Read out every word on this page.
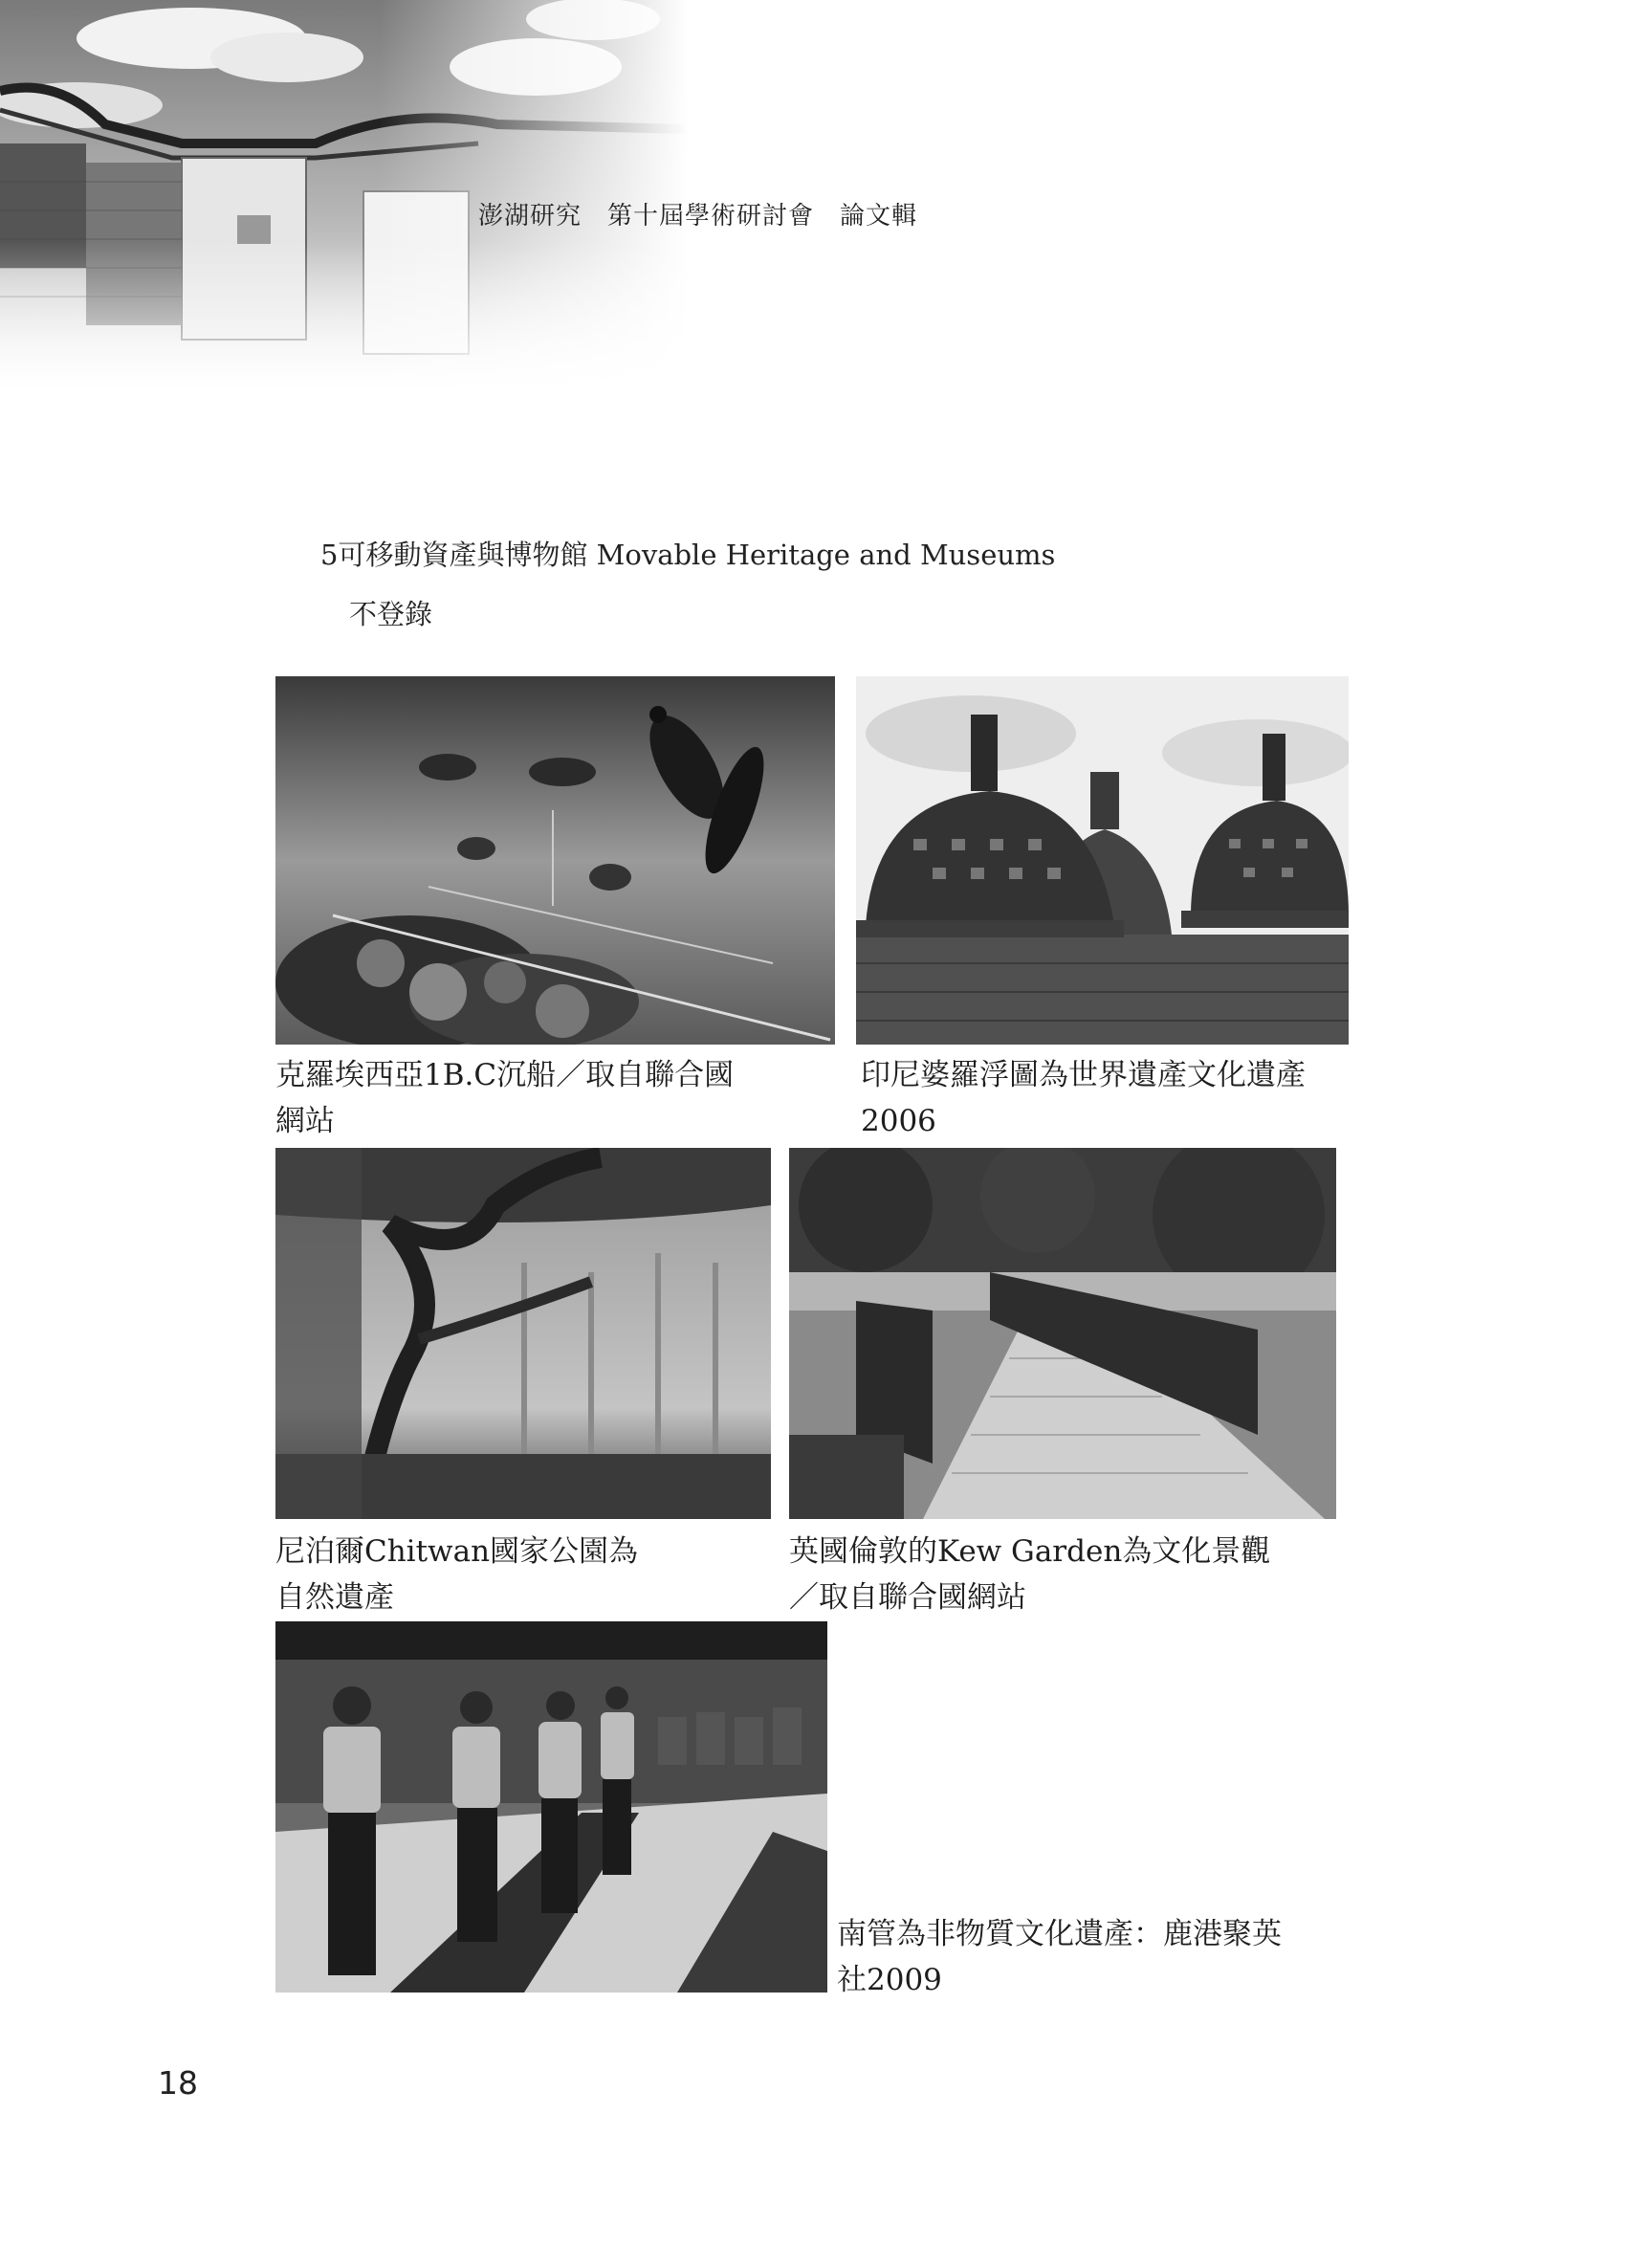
澎湖研究　第十屆學術研討會　論文輯
5可移動資產與博物館 Movable Heritage and Museums
不登錄
克羅埃西亞1B.C沉船／取自聯合國
網站
印尼婆羅浮圖為世界遺產文化遺產
2006
尼泊爾Chitwan國家公園為
自然遺產
英國倫敦的Kew Garden為文化景觀
／取自聯合國網站
南管為非物質文化遺產：鹿港聚英
社2009
18
